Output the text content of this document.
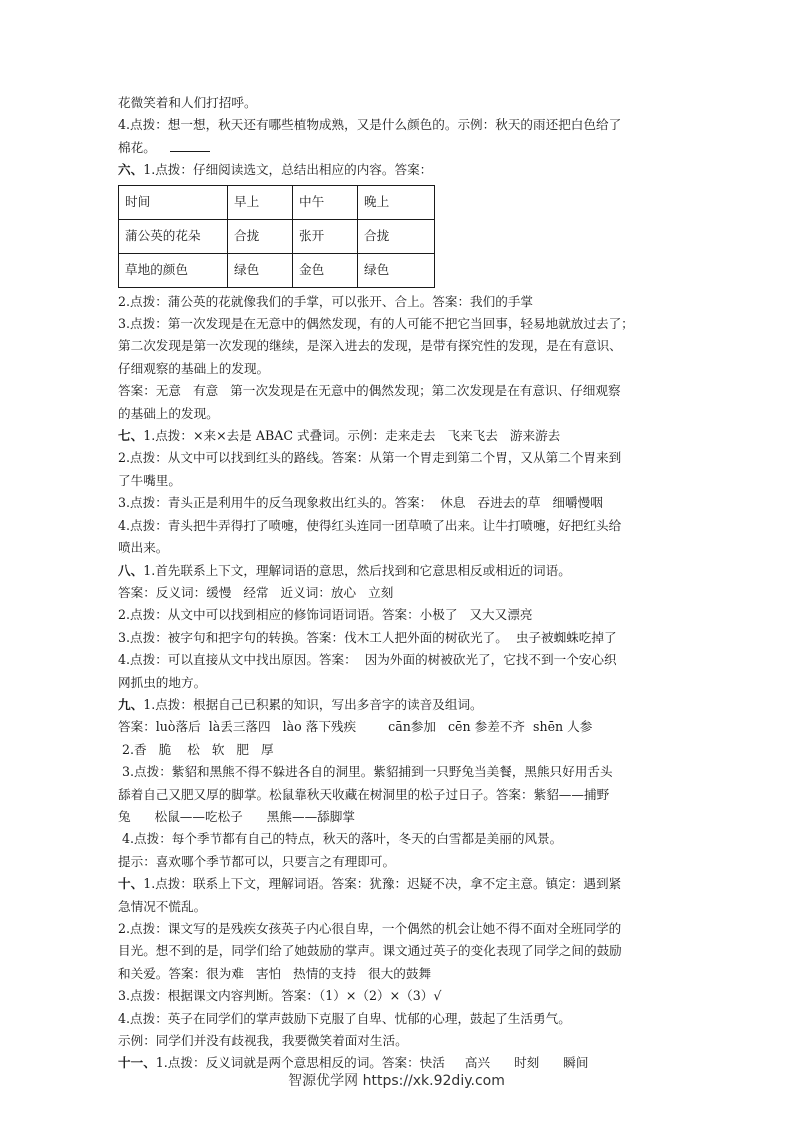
花微笑着和人们打招呼。
4.点拨：想一想，秋天还有哪些植物成熟，又是什么颜色的。示例：秋天的雨还把白色给了
棉花。
六、1.点拨：仔细阅读选文，总结出相应的内容。答案：
时间	早上	中午	晚上
蒲公英的花朵	合拢	张开	合拢
草地的颜色	绿色	金色	绿色
2.点拨：蒲公英的花就像我们的手掌，可以张开、合上。答案：我们的手掌
3.点拨：第一次发现是在无意中的偶然发现，有的人可能不把它当回事，轻易地就放过去了；
第二次发现是第一次发现的继续，是深入进去的发现，是带有探究性的发现，是在有意识、
仔细观察的基础上的发现。
答案：无意   有意   第一次发现是在无意中的偶然发现；第二次发现是在有意识、仔细观察
的基础上的发现。
七、1.点拨：×来×去是 ABAC 式叠词。示例：走来走去   飞来飞去   游来游去
2.点拨：从文中可以找到红头的路线。答案：从第一个胃走到第二个胃，又从第二个胃来到
了牛嘴里。
3.点拨：青头正是利用牛的反刍现象救出红头的。答案：  休息   吞进去的草   细嚼慢咽
4.点拨：青头把牛弄得打了喷嚏，使得红头连同一团草喷了出来。让牛打喷嚏，好把红头给
喷出来。
八、1.首先联系上下文，理解词语的意思，然后找到和它意思相反或相近的词语。
答案：反义词：缓慢   经常   近义词：放心   立刻
2.点拨：从文中可以找到相应的修饰词语词语。答案：小极了   又大又漂亮
3.点拨：被字句和把字句的转换。答案：伐木工人把外面的树砍光了。  虫子被蜘蛛吃掉了
4.点拨：可以直接从文中找出原因。答案：  因为外面的树被砍光了，它找不到一个安心织
网抓虫的地方。
九、1.点拨：根据自己已积累的知识，写出多音字的读音及组词。
答案：luò落后  là丢三落四   lào 落下残疾        cān参加   cēn 参差不齐  shēn 人参
2.香   脆    松   软   肥   厚
3.点拨：紫貂和黑熊不得不躲进各自的洞里。紫貂捕到一只野兔当美餐，黑熊只好用舌头
舔着自己又肥又厚的脚掌。松鼠靠秋天收藏在树洞里的松子过日子。答案：紫貂——捕野
兔      松鼠——吃松子      黑熊——舔脚掌
4.点拨：每个季节都有自己的特点，秋天的落叶，冬天的白雪都是美丽的风景。
提示：喜欢哪个季节都可以，只要言之有理即可。
十、1.点拨：联系上下文，理解词语。答案：犹豫：迟疑不决，拿不定主意。镇定：遇到紧
急情况不慌乱。
2.点拨：课文写的是残疾女孩英子内心很自卑，一个偶然的机会让她不得不面对全班同学的
目光。想不到的是，同学们给了她鼓励的掌声。课文通过英子的变化表现了同学之间的鼓励
和关爱。答案：很为难   害怕   热情的支持   很大的鼓舞
3.点拨：根据课文内容判断。答案：（1）×（2）×（3）√
4.点拨：英子在同学们的掌声鼓励下克服了自卑、忧郁的心理，鼓起了生活勇气。
示例：同学们并没有歧视我，我要微笑着面对生活。
十一、1.点拨：反义词就是两个意思相反的词。答案：快活     高兴      时刻      瞬间
智源优学网 https://xk.92diy.com
